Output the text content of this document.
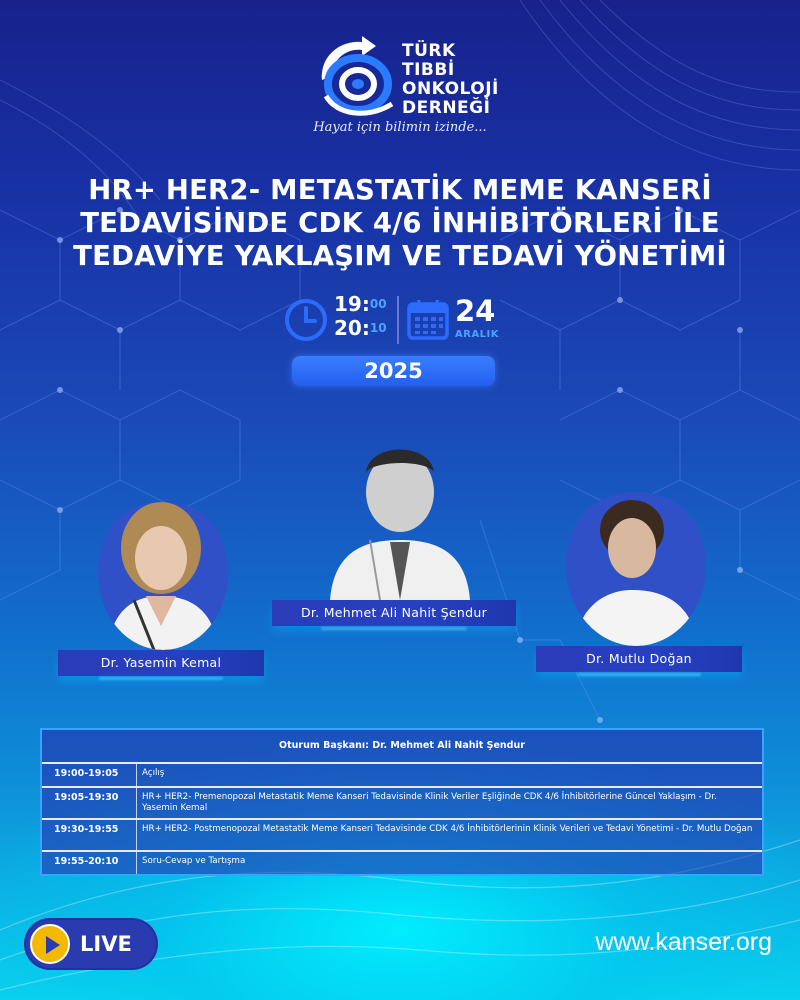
TÜRK
TIBBİ
ONKOLOJİ
DERNEĞİ
Hayat için bilimin izinde...
HR+ HER2- METASTATİK MEME KANSERİ
TEDAVİSİNDE CDK 4/6 İNHİBİTÖRLERİ İLE
TEDAVİYE YAKLAŞIM VE TEDAVİ YÖNETİMİ
19:$^{00}$
20:$^{10}$ 24
ARALIK
2025
Dr. Yasemin Kemal
Dr. Mehmet Ali Nahit Şendur
Dr. Mutlu Doğan
Oturum Başkanı: Dr. Mehmet Ali Nahit Şendur
19:00-19:05	Açılış
19:05-19:30	HR+ HER2- Premenopozal Metastatik Meme Kanseri Tedavisinde Klinik Veriler Eşliğinde CDK 4/6 İnhibitörlerine Güncel Yaklaşım - Dr. Yasemin Kemal
19:30-19:55	HR+ HER2- Postmenopozal Metastatik Meme Kanseri Tedavisinde CDK 4/6 İnhibitörlerinin Klinik Verileri ve Tedavi Yönetimi - Dr. Mutlu Doğan
19:55-20:10	Soru-Cevap ve Tartışma
LIVE	www.kanser.org
